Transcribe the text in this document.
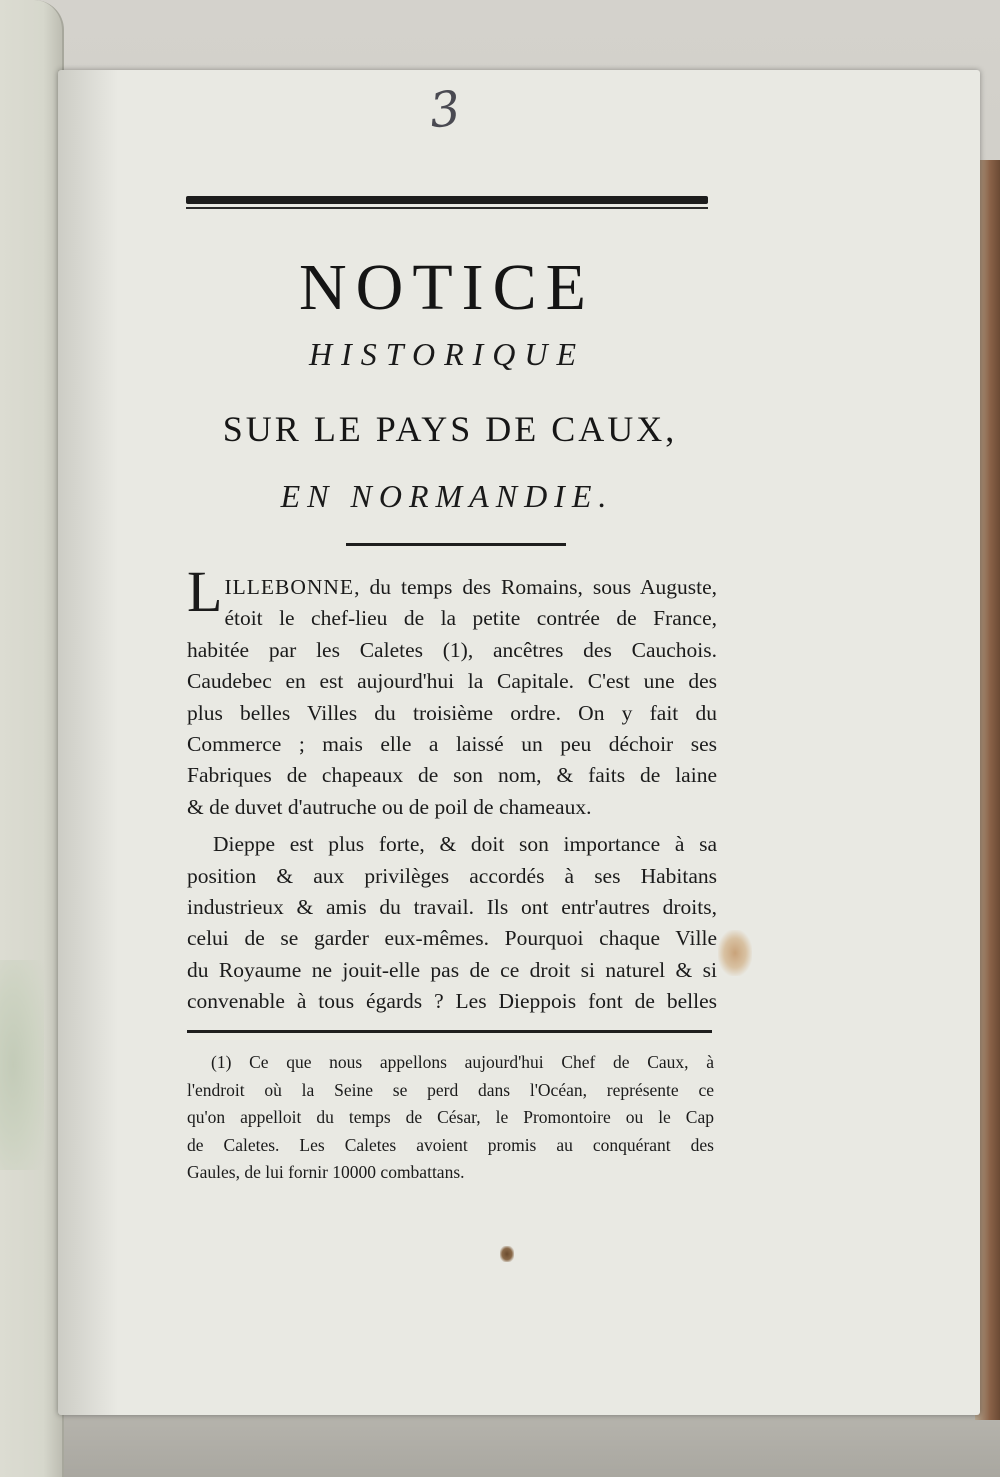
3
NOTICE
HISTORIQUE
SUR LE PAYS DE CAUX,
EN NORMANDIE.
LILLEBONNE, du temps des Romains, sous Auguste,
étoit le chef-lieu de la petite contrée de France,
habitée par les Caletes (1), ancêtres des Cauchois.
Caudebec en est aujourd'hui la Capitale. C'est une des
plus belles Villes du troisième ordre. On y fait du
Commerce ; mais elle a laissé un peu déchoir ses
Fabriques de chapeaux de son nom, & faits de laine
& de duvet d'autruche ou de poil de chameaux.
Dieppe est plus forte, & doit son importance à sa
position & aux privilèges accordés à ses Habitans
industrieux & amis du travail. Ils ont entr'autres droits,
celui de se garder eux-mêmes. Pourquoi chaque Ville
du Royaume ne jouit-elle pas de ce droit si naturel & si
convenable à tous égards ? Les Dieppois font de belles
(1) Ce que nous appellons aujourd'hui Chef de Caux, à
l'endroit où la Seine se perd dans l'Océan, représente ce
qu'on appelloit du temps de César, le Promontoire ou le Cap
de Caletes. Les Caletes avoient promis au conquérant des
Gaules, de lui fornir 10000 combattans.
